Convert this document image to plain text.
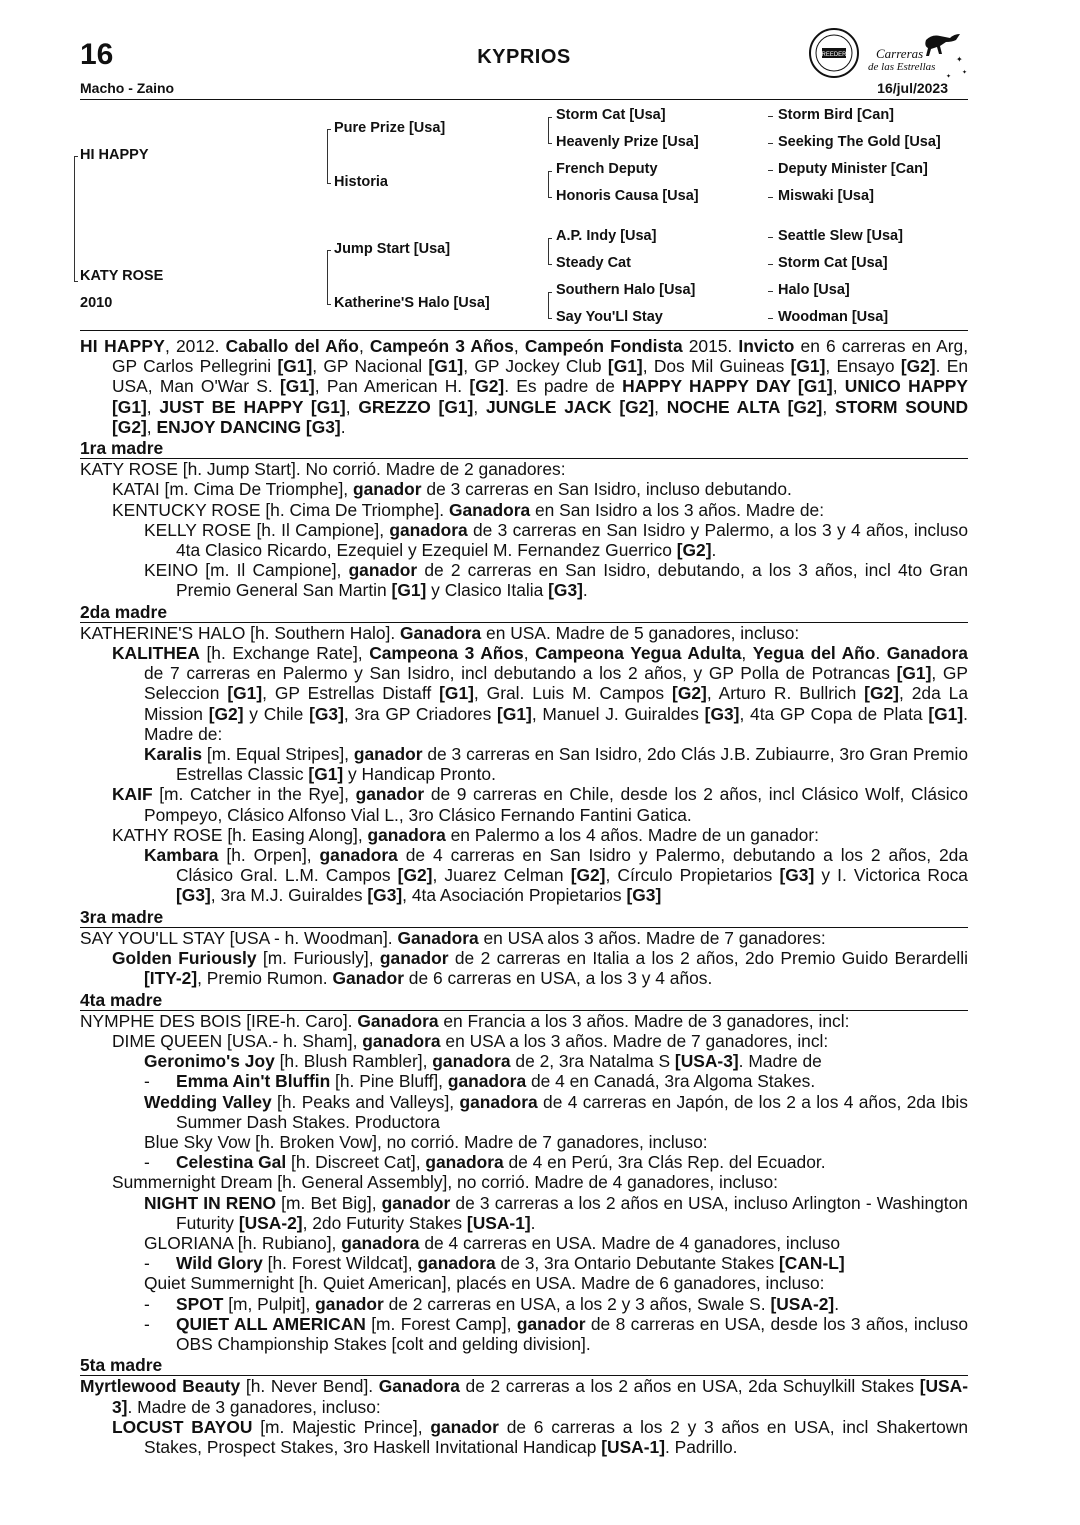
16	KYPRIOS
Macho - Zaino	16/jul/2023
BREEDERS Carreras
de las Estrellas
✦
✦
✦
HI HAPPY
KATY ROSE
2010
Pure Prize [Usa]
Historia
Jump Start [Usa]
Katherine'S Halo [Usa]
Storm Cat [Usa]
Heavenly Prize [Usa]
French Deputy
Honoris Causa [Usa]
A.P. Indy [Usa]
Steady Cat
Southern Halo [Usa]
Say You'Ll Stay
Storm Bird [Can]
Seeking The Gold [Usa]
Deputy Minister [Can]
Miswaki [Usa]
Seattle Slew [Usa]
Storm Cat [Usa]
Halo [Usa]
Woodman [Usa]

HI HAPPY, 2012. Caballo del Año, Campeón 3 Años, Campeón Fondista 2015. Invicto en 6 carreras en Arg, GP Carlos Pellegrini [G1], GP Nacional [G1], GP Jockey Club [G1], Dos Mil Guineas [G1], Ensayo [G2]. En USA, Man O'War S. [G1], Pan American H. [G2]. Es padre de HAPPY HAPPY DAY [G1], UNICO HAPPY [G1], JUST BE HAPPY [G1], GREZZO [G1], JUNGLE JACK [G2], NOCHE ALTA [G2], STORM SOUND [G2], ENJOY DANCING [G3].

1ra madre

KATY ROSE [h. Jump Start]. No corrió. Madre de 2 ganadores:

KATAI [m. Cima De Triomphe], ganador de 3 carreras en San Isidro, incluso debutando.

KENTUCKY ROSE [h. Cima De Triomphe]. Ganadora en San Isidro a los 3 años. Madre de:

KELLY ROSE [h. Il Campione], ganadora de 3 carreras en San Isidro y Palermo, a los 3 y 4 años, incluso 4ta Clasico Ricardo, Ezequiel y Ezequiel M. Fernandez Guerrico [G2].

KEINO [m. Il Campione], ganador de 2 carreras en San Isidro, debutando, a los 3 años, incl 4to Gran Premio General San Martin [G1] y Clasico Italia [G3].

2da madre

KATHERINE'S HALO [h. Southern Halo]. Ganadora en USA. Madre de 5 ganadores, incluso:

KALITHEA [h. Exchange Rate], Campeona 3 Años, Campeona Yegua Adulta, Yegua del Año. Ganadora de 7 carreras en Palermo y San Isidro, incl debutando a los 2 años, y GP Polla de Potrancas [G1], GP Seleccion [G1], GP Estrellas Distaff [G1], Gral. Luis M. Campos [G2], Arturo R. Bullrich [G2], 2da La Mission [G2] y Chile [G3], 3ra GP Criadores [G1], Manuel J. Guiraldes [G3], 4ta GP Copa de Plata [G1]. Madre de:

Karalis [m. Equal Stripes], ganador de 3 carreras en San Isidro, 2do Clás J.B. Zubiaurre, 3ro Gran Premio Estrellas Classic [G1] y Handicap Pronto.

KAIF [m. Catcher in the Rye], ganador de 9 carreras en Chile, desde los 2 años, incl Clásico Wolf, Clásico Pompeyo, Clásico Alfonso Vial L., 3ro Clásico Fernando Fantini Gatica.

KATHY ROSE [h. Easing Along], ganadora en Palermo a los 4 años. Madre de un ganador:

Kambara [h. Orpen], ganadora de 4 carreras en San Isidro y Palermo, debutando a los 2 años, 2da Clásico Gral. L.M. Campos [G2], Juarez Celman [G2], Círculo Propietarios [G3] y I. Victorica Roca [G3], 3ra M.J. Guiraldes [G3], 4ta Asociación Propietarios [G3]

3ra madre

SAY YOU'LL STAY [USA - h. Woodman]. Ganadora en USA alos 3 años. Madre de 7 ganadores:

Golden Furiously [m. Furiously], ganador de 2 carreras en Italia a los 2 años, 2do Premio Guido Berardelli [ITY-2], Premio Rumon. Ganador de 6 carreras en USA, a los 3 y 4 años.

4ta madre

NYMPHE DES BOIS [IRE-h. Caro]. Ganadora en Francia a los 3 años. Madre de 3 ganadores, incl:

DIME QUEEN [USA.- h. Sham], ganadora en USA a los 3 años. Madre de 7 ganadores, incl:

Geronimo's Joy [h. Blush Rambler], ganadora de 2, 3ra Natalma S [USA-3]. Madre de

- Emma Ain't Bluffin [h. Pine Bluff], ganadora de 4 en Canadá, 3ra Algoma Stakes.

Wedding Valley [h. Peaks and Valleys], ganadora de 4 carreras en Japón, de los 2 a los 4 años, 2da Ibis Summer Dash Stakes. Productora

Blue Sky Vow [h. Broken Vow], no corrió. Madre de 7 ganadores, incluso:

- Celestina Gal [h. Discreet Cat], ganadora de 4 en Perú, 3ra Clás Rep. del Ecuador.

Summernight Dream [h. General Assembly], no corrió. Madre de 4 ganadores, incluso:

NIGHT IN RENO [m. Bet Big], ganador de 3 carreras a los 2 años en USA, incluso Arlington - Washington Futurity [USA-2], 2do Futurity Stakes [USA-1].

GLORIANA [h. Rubiano], ganadora de 4 carreras en USA. Madre de 4 ganadores, incluso

- Wild Glory [h. Forest Wildcat], ganadora de 3, 3ra Ontario Debutante Stakes [CAN-L]

Quiet Summernight [h. Quiet American], placés en USA. Madre de 6 ganadores, incluso:

- SPOT [m, Pulpit], ganador de 2 carreras en USA, a los 2 y 3 años, Swale S. [USA-2].

- QUIET ALL AMERICAN [m. Forest Camp], ganador de 8 carreras en USA, desde los 3 años, incluso OBS Championship Stakes [colt and gelding division].

5ta madre

Myrtlewood Beauty [h. Never Bend]. Ganadora de 2 carreras a los 2 años en USA, 2da Schuylkill Stakes [USA-3]. Madre de 3 ganadores, incluso:

LOCUST BAYOU [m. Majestic Prince], ganador de 6 carreras a los 2 y 3 años en USA, incl Shakertown Stakes, Prospect Stakes, 3ro Haskell Invitational Handicap [USA-1]. Padrillo.
